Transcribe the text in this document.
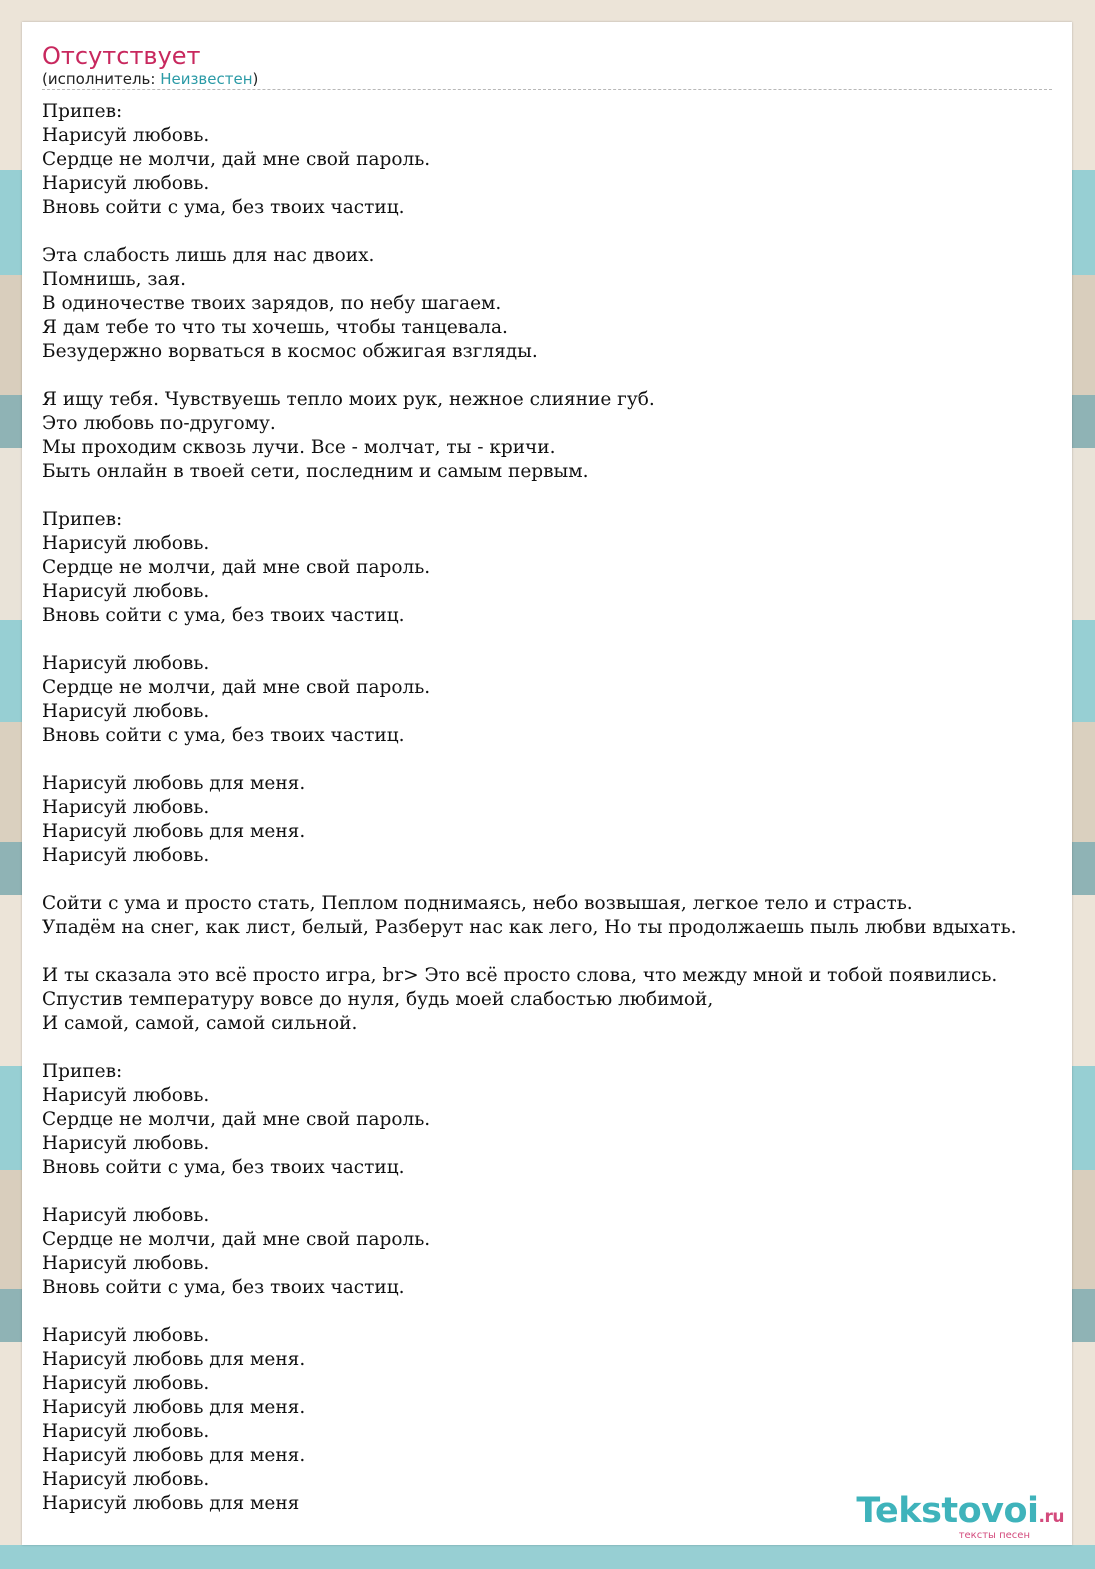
Отсутствует
(исполнитель: Неизвестен)
Припев:
Нарисуй любовь.
Сердце не молчи, дай мне свой пароль.
Нарисуй любовь.
Вновь сойти с ума, без твоих частиц.
Эта слабость лишь для нас двоих.
Помнишь, зая.
В одиночестве твоих зарядов, по небу шагаем.
Я дам тебе то что ты хочешь, чтобы танцевала.
Безудержно ворваться в космос обжигая взгляды.
Я ищу тебя. Чувствуешь тепло моих рук, нежное слияние губ.
Это любовь по-другому.
Мы проходим сквозь лучи. Все - молчат, ты - кричи.
Быть онлайн в твоей сети, последним и самым первым.
Припев:
Нарисуй любовь.
Сердце не молчи, дай мне свой пароль.
Нарисуй любовь.
Вновь сойти с ума, без твоих частиц.
Нарисуй любовь.
Сердце не молчи, дай мне свой пароль.
Нарисуй любовь.
Вновь сойти с ума, без твоих частиц.
Нарисуй любовь для меня.
Нарисуй любовь.
Нарисуй любовь для меня.
Нарисуй любовь.
Сойти с ума и просто стать, Пеплом поднимаясь, небо возвышая, легкое тело и страсть.
Упадём на снег, как лист, белый, Разберут нас как лего, Но ты продолжаешь пыль любви вдыхать.
И ты сказала это всё просто игра, br> Это всё просто слова, что между мной и тобой появились.
Спустив температуру вовсе до нуля, будь моей слабостью любимой,
И самой, самой, самой сильной.
Припев:
Нарисуй любовь.
Сердце не молчи, дай мне свой пароль.
Нарисуй любовь.
Вновь сойти с ума, без твоих частиц.
Нарисуй любовь.
Сердце не молчи, дай мне свой пароль.
Нарисуй любовь.
Вновь сойти с ума, без твоих частиц.
Нарисуй любовь.
Нарисуй любовь для меня.
Нарисуй любовь.
Нарисуй любовь для меня.
Нарисуй любовь.
Нарисуй любовь для меня.
Нарисуй любовь.
Нарисуй любовь для меня	Tekstovoi.ru
тексты песен
